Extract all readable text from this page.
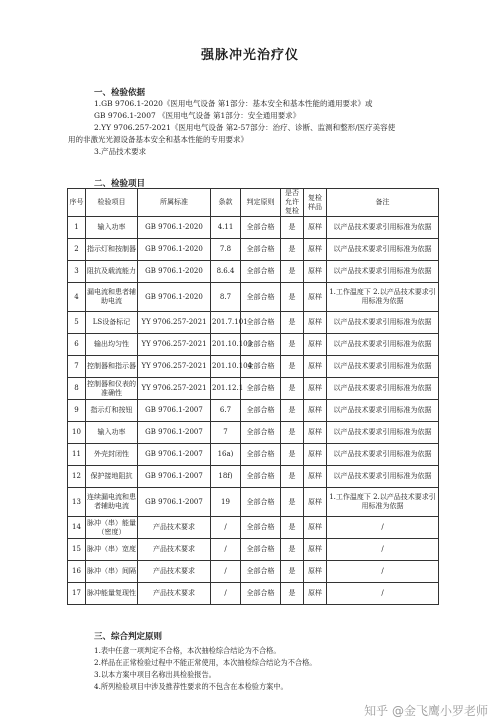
强脉冲光治疗仪
一、检验依据
1.GB 9706.1-2020《医用电气设备 第1部分：基本安全和基本性能的通用要求》或
GB 9706.1-2007 《医用电气设备 第1部分：安全通用要求》
2.YY 9706.257-2021《医用电气设备 第2-57部分：治疗、诊断、监测和整形/医疗美容使
用的非激光光源设备基本安全和基本性能的专用要求》
3.产品技术要求
二、检验项目
序号	检验项目	所属标准	条款	判定原则	是否允许复检	复检样品	备注
1	输入功率	GB 9706.1-2020	4.11	全部合格	是	原样	以产品技术要求引用标准为依据
2	指示灯和按制器	GB 9706.1-2020	7.8	全部合格	是	原样	以产品技术要求引用标准为依据
3	阻抗及载流能力	GB 9706.1-2020	8.6.4	全部合格	是	原样	以产品技术要求引用标准为依据
4	漏电流和患者辅助电流	GB 9706.1-2020	8.7	全部合格	是	原样	1.工作温度下 2.以产品技术要求引用标准为依据
5	LS设备标记	YY 9706.257-2021	201.7.101	全部合格	是	原样	以产品技术要求引用标准为依据
6	输出均匀性	YY 9706.257-2021	201.10.103	全部合格	是	原样	以产品技术要求引用标准为依据
7	控制器和指示器	YY 9706.257-2021	201.10.104	全部合格	是	原样	以产品技术要求引用标准为依据
8	控制器和仪表的准确性	YY 9706.257-2021	201.12.1	全部合格	是	原样	以产品技术要求引用标准为依据
9	指示灯和按钮	GB 9706.1-2007	6.7	全部合格	是	原样	以产品技术要求引用标准为依据
10	输入功率	GB 9706.1-2007	7	全部合格	是	原样	以产品技术要求引用标准为依据
11	外壳封闭性	GB 9706.1-2007	16a)	全部合格	是	原样	以产品技术要求引用标准为依据
12	保护接地阻抗	GB 9706.1-2007	18f)	全部合格	是	原样	以产品技术要求引用标准为依据
13	连续漏电流和患者辅助电流	GB 9706.1-2007	19	全部合格	是	原样	1.工作温度下 2.以产品技术要求引用标准为依据
14	脉冲（串）能量（密度）	产品技术要求	/	全部合格	是	原样	/
15	脉冲（串）宽度	产品技术要求	/	全部合格	是	原样	/
16	脉冲（串）间隔	产品技术要求	/	全部合格	是	原样	/
17	脉冲能量复现性	产品技术要求	/	全部合格	是	原样	/
三、综合判定原则
1.表中任意一项判定不合格，本次抽检综合结论为不合格。
2.样品在正常检验过程中不能正常使用，本次抽检综合结论为不合格。
3.以本方案中项目名称出具检验报告。
4.所列检验项目中涉及推荐性要求的不包含在本检验方案中。
知乎 @金飞鹰小罗老师
